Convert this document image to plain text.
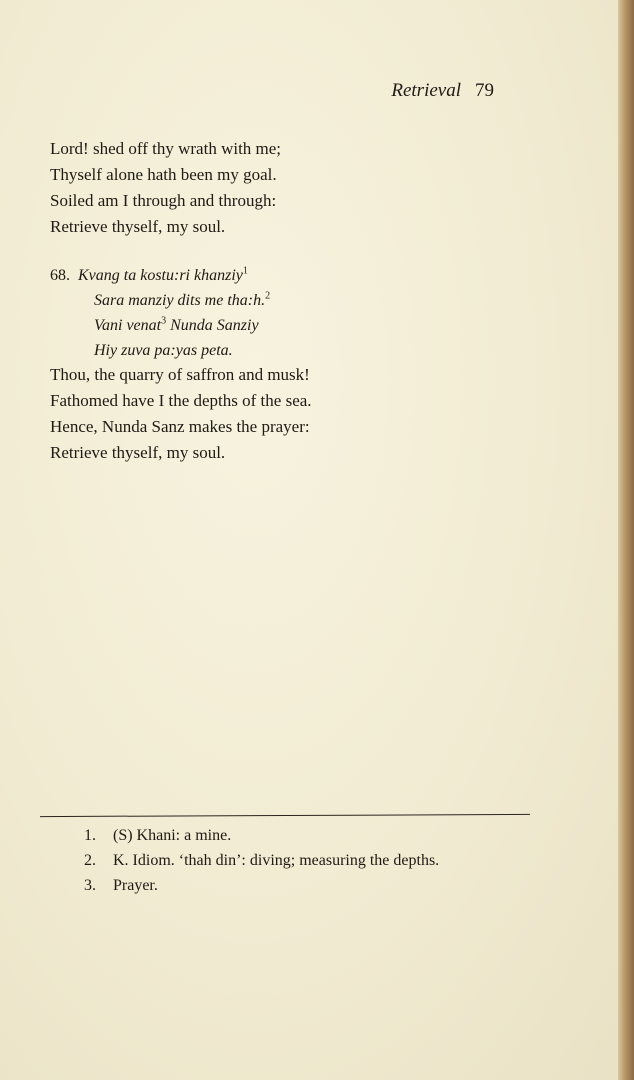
Retrieval 79
Lord! shed off thy wrath with me;
Thyself alone hath been my goal.
Soiled am I through and through:
Retrieve thyself, my soul.
68. Kvang ta kostu:ri khanziy$^1$
Sara manziy dits me tha:h.$^2$
Vani venat$^3$ Nunda Sanziy
Hiy zuva pa:yas peta.
Thou, the quarry of saffron and musk!
Fathomed have I the depths of the sea.
Hence, Nunda Sanz makes the prayer:
Retrieve thyself, my soul.
1.	(S) Khani: a mine.
2.	K. Idiom. ‘thah din’: diving; measuring the depths.
3.	Prayer.
